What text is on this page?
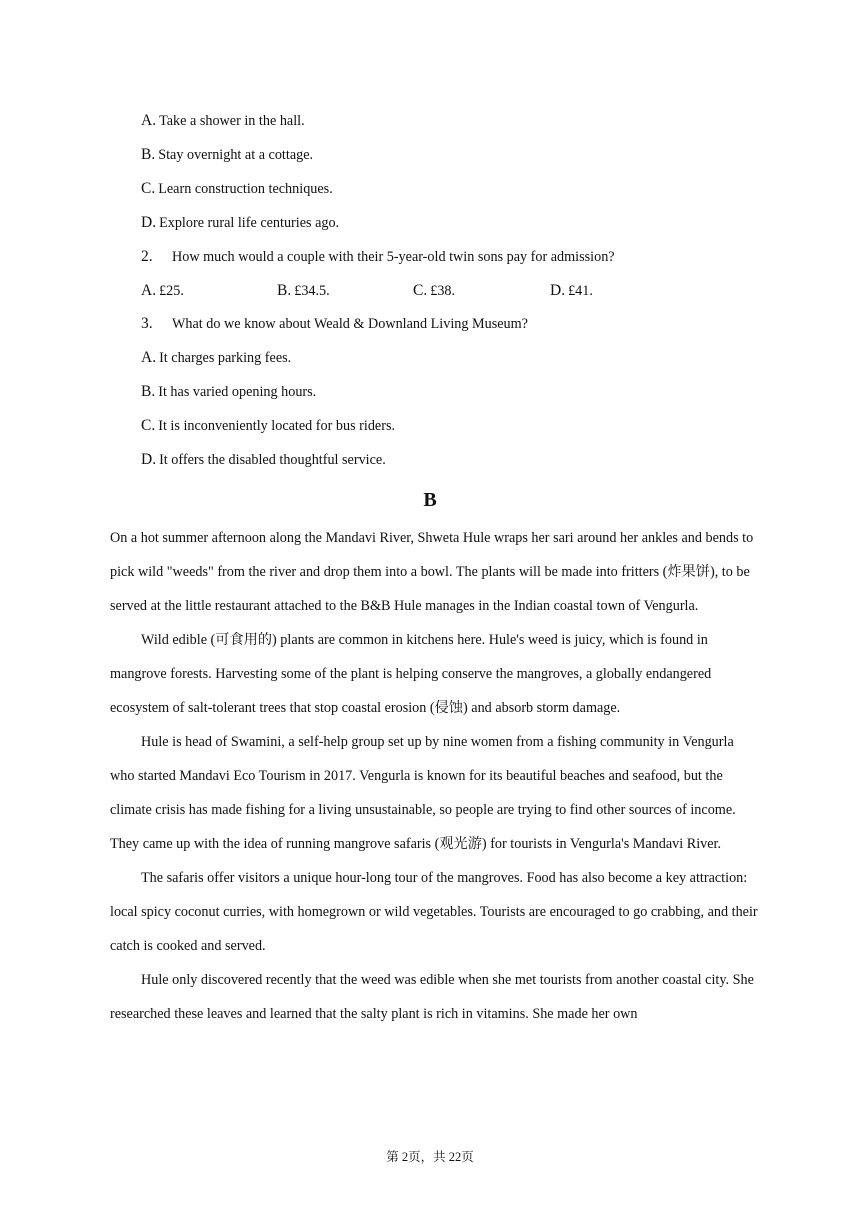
A. Take a shower in the hall.
B. Stay overnight at a cottage.
C. Learn construction techniques.
D. Explore rural life centuries ago.
2. How much would a couple with their 5-year-old twin sons pay for admission?
A. £25.	B. £34.5.	C. £38.	D. £41.
3. What do we know about Weald & Downland Living Museum?
A. It charges parking fees.
B. It has varied opening hours.
C. It is inconveniently located for bus riders.
D. It offers the disabled thoughtful service.
B

On a hot summer afternoon along the Mandavi River, Shweta Hule wraps her sari around her ankles and bends to pick wild "weeds" from the river and drop them into a bowl. The plants will be made into fritters (炸果饼), to be served at the little restaurant attached to the B&B Hule manages in the Indian coastal town of Vengurla.

Wild edible (可食用的) plants are common in kitchens here. Hule's weed is juicy, which is found in mangrove forests. Harvesting some of the plant is helping conserve the mangroves, a globally endangered ecosystem of salt-tolerant trees that stop coastal erosion (侵蚀) and absorb storm damage.

Hule is head of Swamini, a self-help group set up by nine women from a fishing community in Vengurla who started Mandavi Eco Tourism in 2017. Vengurla is known for its beautiful beaches and seafood, but the climate crisis has made fishing for a living unsustainable, so people are trying to find other sources of income. They came up with the idea of running mangrove safaris (观光游) for tourists in Vengurla's Mandavi River.

The safaris offer visitors a unique hour-long tour of the mangroves. Food has also become a key attraction: local spicy coconut curries, with homegrown or wild vegetables. Tourists are encouraged to go crabbing, and their catch is cooked and served.

Hule only discovered recently that the weed was edible when she met tourists from another coastal city. She researched these leaves and learned that the salty plant is rich in vitamins. She made her own

第 2页，共 22页
